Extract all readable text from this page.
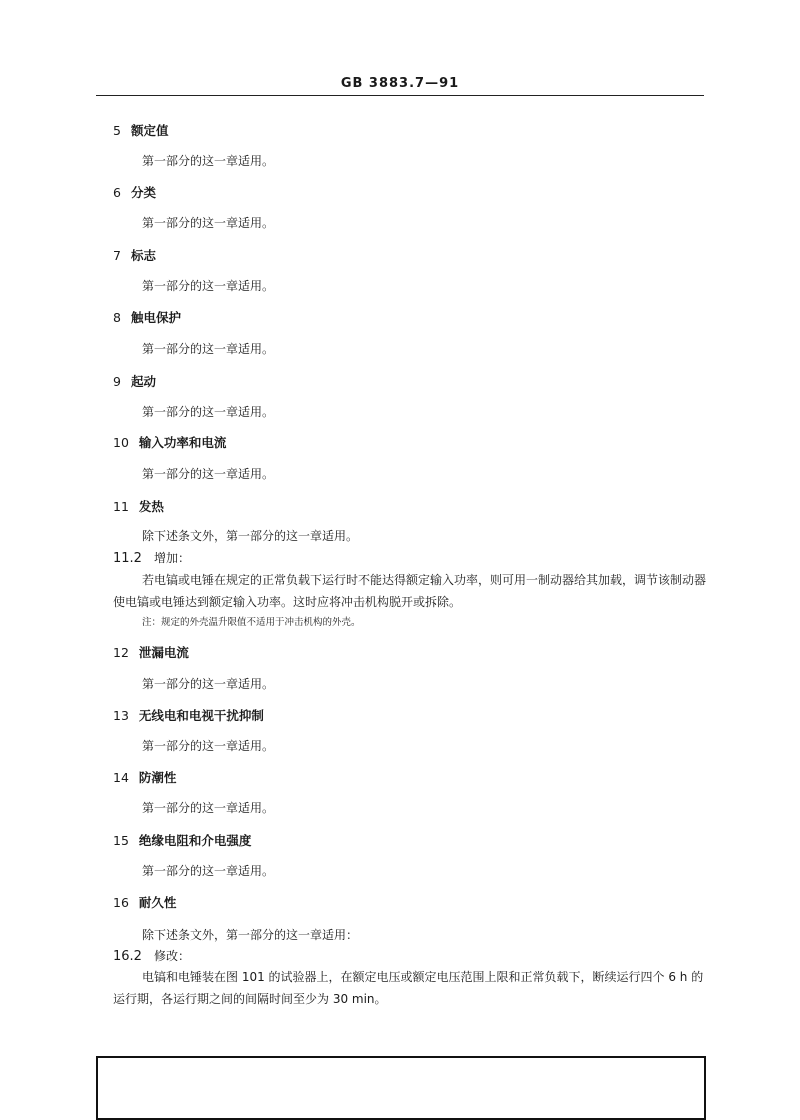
GB 3883.7—91
5 额定值
第一部分的这一章适用。
6 分类
第一部分的这一章适用。
7 标志
第一部分的这一章适用。
8 触电保护
第一部分的这一章适用。
9 起动
第一部分的这一章适用。
10 输入功率和电流
第一部分的这一章适用。
11 发热
除下述条文外，第一部分的这一章适用。
12 泄漏电流
第一部分的这一章适用。
13 无线电和电视干扰抑制
第一部分的这一章适用。
14 防潮性
第一部分的这一章适用。
15 绝缘电阻和介电强度
第一部分的这一章适用。
16 耐久性
除下述条文外，第一部分的这一章适用：
11.2 增加：
若电镐或电锤在规定的正常负载下运行时不能达得额定输入功率，则可用一制动器给其加载，调节该制动器使电镐或电锤达到额定输入功率。这时应将冲击机构脱开或拆除。
注：规定的外壳温升限值不适用于冲击机构的外壳。
16.2 修改：
电镐和电锤装在图 101 的试验器上，在额定电压或额定电压范围上限和正常负载下，断续运行四个 6 h 的运行期，各运行期之间的间隔时间至少为 30 min。
